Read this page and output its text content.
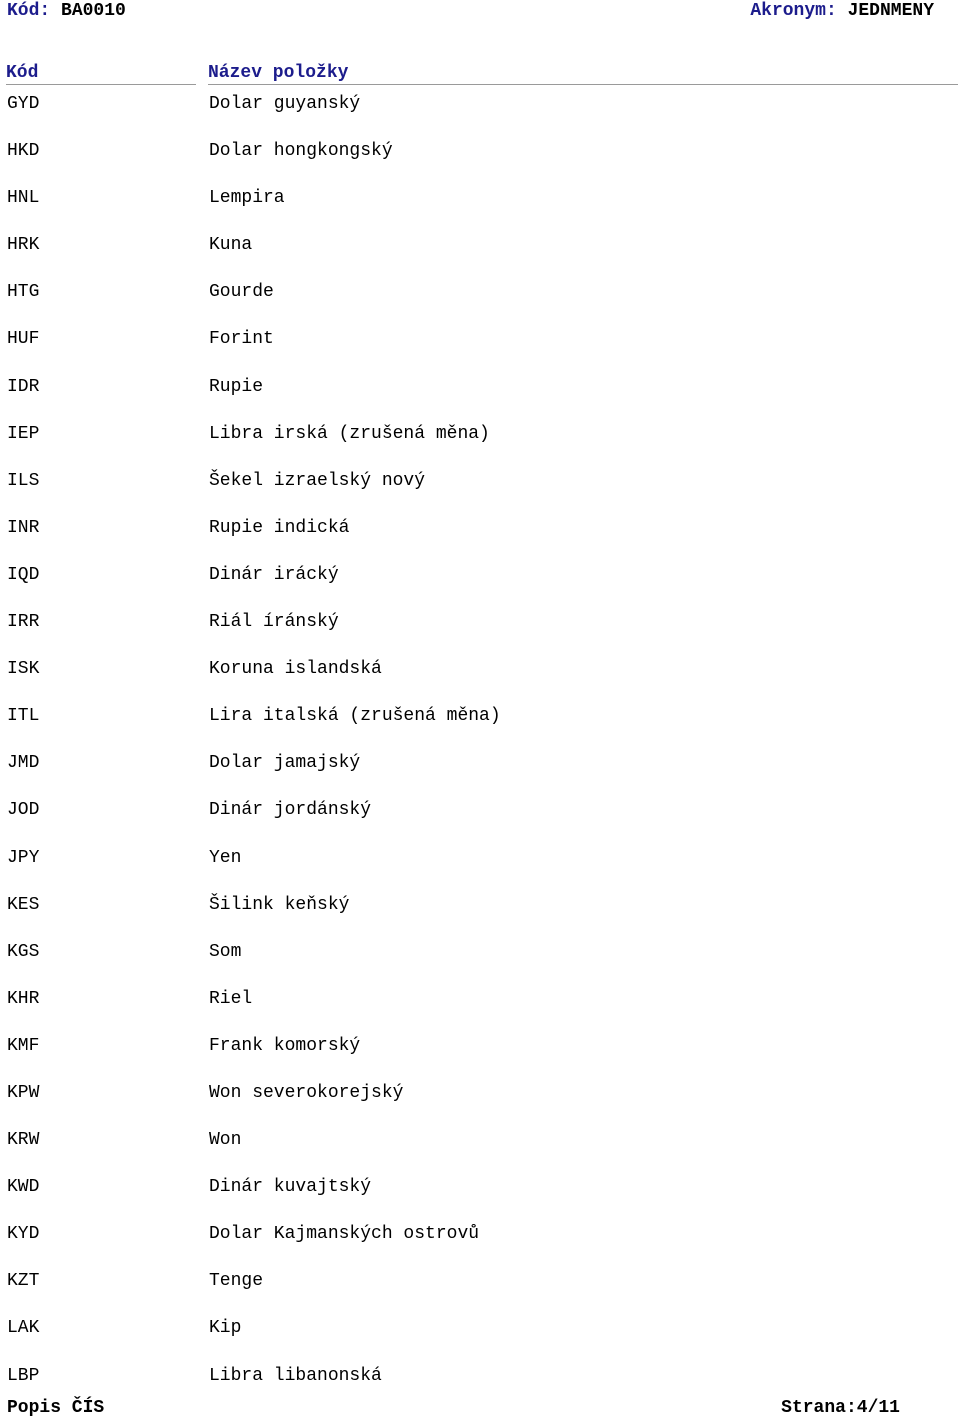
Kód: BA0010	Akronym: JEDNMENY
Kód	Název položky
GYD	Dolar guyanský
HKD	Dolar hongkongský
HNL	Lempira
HRK	Kuna
HTG	Gourde
HUF	Forint
IDR	Rupie
IEP	Libra irská (zrušená měna)
ILS	Šekel izraelský nový
INR	Rupie indická
IQD	Dinár irácký
IRR	Riál íránský
ISK	Koruna islandská
ITL	Lira italská (zrušená měna)
JMD	Dolar jamajský
JOD	Dinár jordánský
JPY	Yen
KES	Šilink keňský
KGS	Som
KHR	Riel
KMF	Frank komorský
KPW	Won severokorejský
KRW	Won
KWD	Dinár kuvajtský
KYD	Dolar Kajmanských ostrovů
KZT	Tenge
LAK	Kip
LBP	Libra libanonská
Popis ČÍS	Strana:4/11
